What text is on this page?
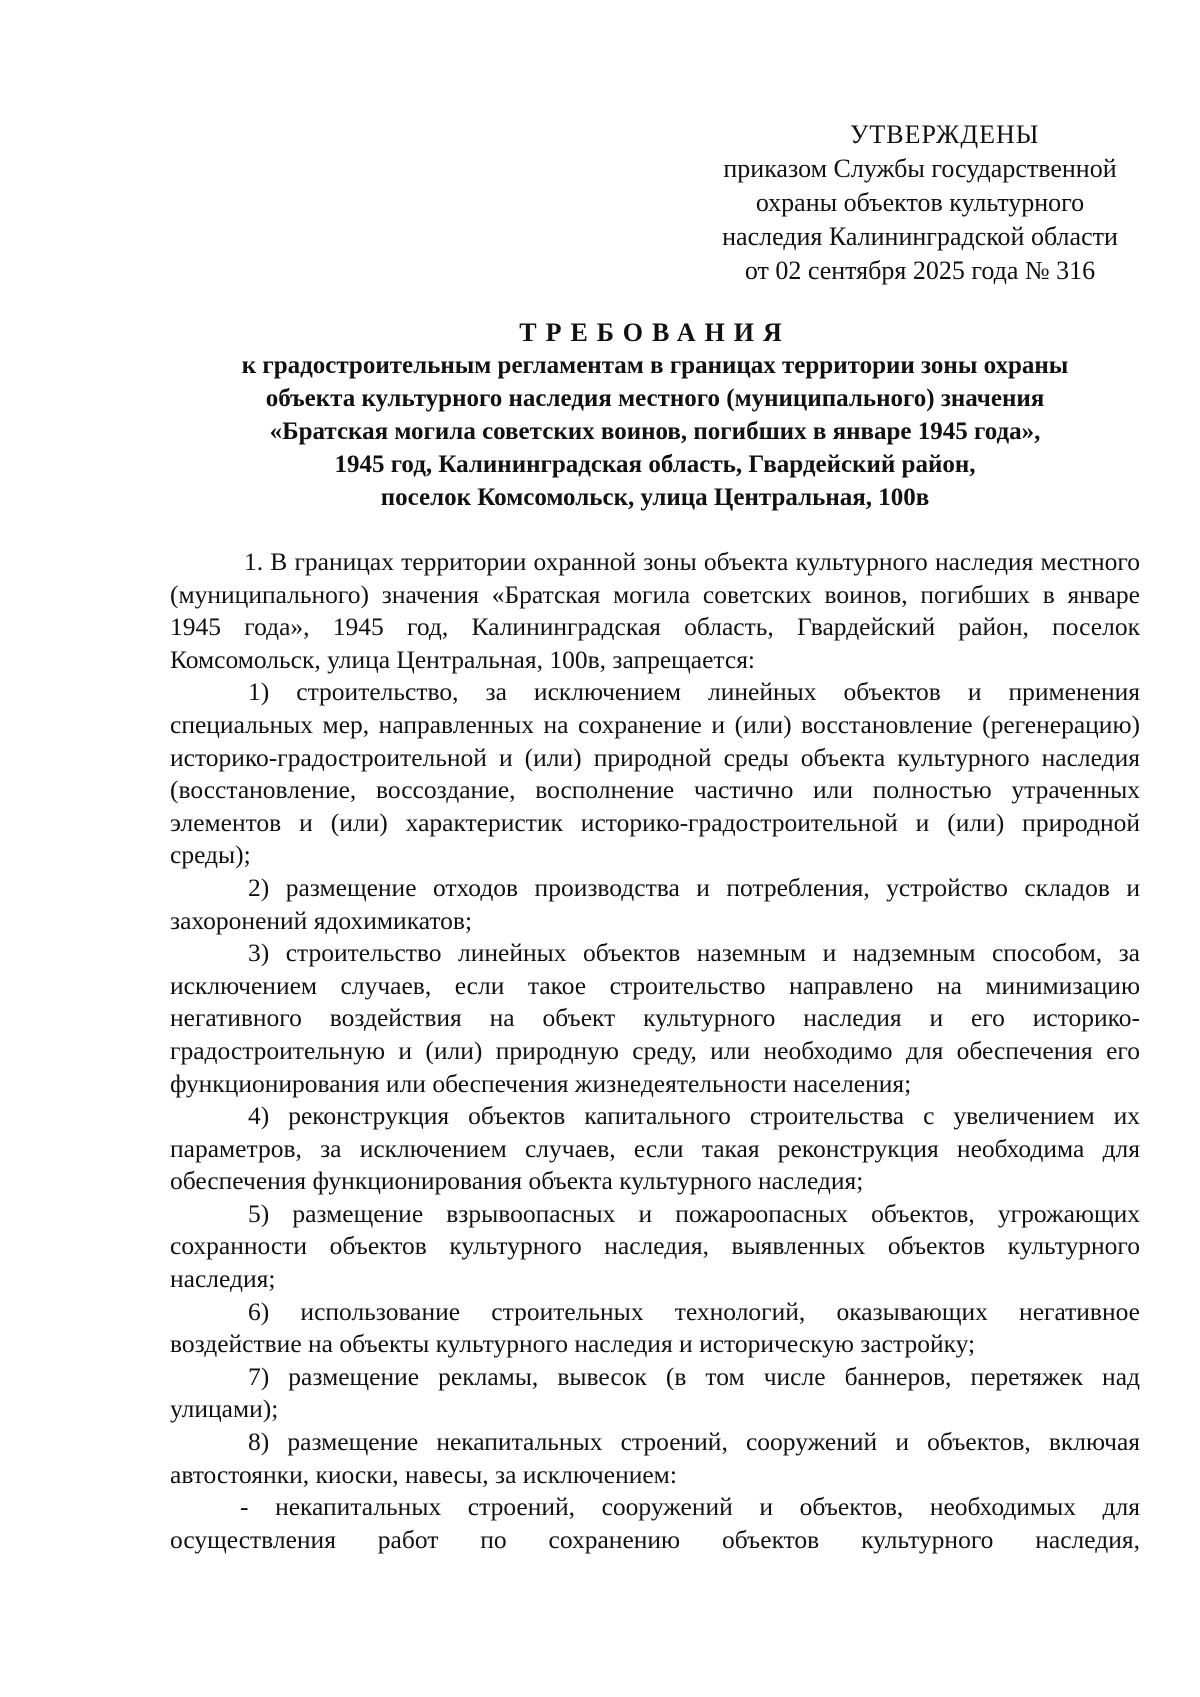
УТВЕРЖДЕНЫ
приказом Службы государственной
охраны объектов культурного
наследия Калининградской области
от 02 сентября 2025 года № 316
ТРЕБОВАНИЯ
к градостроительным регламентам в границах территории зоны охраны
объекта культурного наследия местного (муниципального) значения
«Братская могила советских воинов, погибших в январе 1945 года»,
1945 год, Калининградская область, Гвардейский район,
поселок Комсомольск, улица Центральная, 100в

1. В границах территории охранной зоны объекта культурного наследия местного (муниципального) значения «Братская могила советских воинов, погибших в январе 1945 года», 1945 год, Калининградская область, Гвардейский район, поселок Комсомольск, улица Центральная, 100в, запрещается:

1) строительство, за исключением линейных объектов и применения специальных мер, направленных на сохранение и (или) восстановление (регенерацию) историко-градостроительной и (или) природной среды объекта культурного наследия (восстановление, воссоздание, восполнение частично или полностью утраченных элементов и (или) характеристик историко-градостроительной и (или) природной среды);

2) размещение отходов производства и потребления, устройство складов и захоронений ядохимикатов;

3) строительство линейных объектов наземным и надземным способом, за исключением случаев, если такое строительство направлено на минимизацию негативного воздействия на объект культурного наследия и его историко-градостроительную и (или) природную среду, или необходимо для обеспечения его функционирования или обеспечения жизнедеятельности населения;

4) реконструкция объектов капитального строительства с увеличением их параметров, за исключением случаев, если такая реконструкция необходима для обеспечения функционирования объекта культурного наследия;

5) размещение взрывоопасных и пожароопасных объектов, угрожающих сохранности объектов культурного наследия, выявленных объектов культурного наследия;

6) использование строительных технологий, оказывающих негативное воздействие на объекты культурного наследия и историческую застройку;

7) размещение рекламы, вывесок (в том числе баннеров, перетяжек над улицами);

8) размещение некапитальных строений, сооружений и объектов, включая автостоянки, киоски, навесы, за исключением:

- некапитальных строений, сооружений и объектов, необходимых для осуществления работ по сохранению объектов культурного наследия,
